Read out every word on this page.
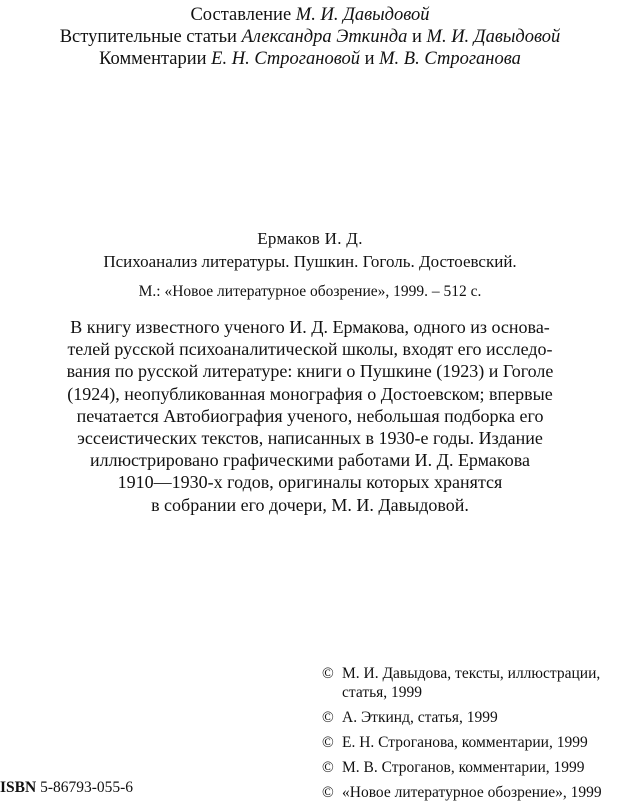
Составление М. И. Давыдовой
Вступительные статьи Александра Эткинда и М. И. Давыдовой
Комментарии Е. Н. Строгановой и М. В. Строганова
Ермаков И. Д.
Психоанализ литературы. Пушкин. Гоголь. Достоевский.
М.: «Новое литературное обозрение», 1999. – 512 с.
В книгу известного ученого И. Д. Ермакова, одного из основа-
телей русской психоаналитической школы, входят его исследо-
вания по русской литературе: книги о Пушкине (1923) и Гоголе
(1924), неопубликованная монография о Достоевском; впервые
печатается Автобиография ученого, небольшая подборка его
эссеистических текстов, написанных в 1930-е годы. Издание
иллюстрировано графическими работами И. Д. Ермакова
1910—1930-х годов, оригиналы которых хранятся
в собрании его дочери, М. И. Давыдовой.
© М. И. Давыдова, тексты, иллюстрации,
статья, 1999
© А. Эткинд, статья, 1999
© Е. Н. Строганова, комментарии, 1999
© М. В. Строганов, комментарии, 1999
© «Новое литературное обозрение», 1999
ISBN 5-86793-055-6
